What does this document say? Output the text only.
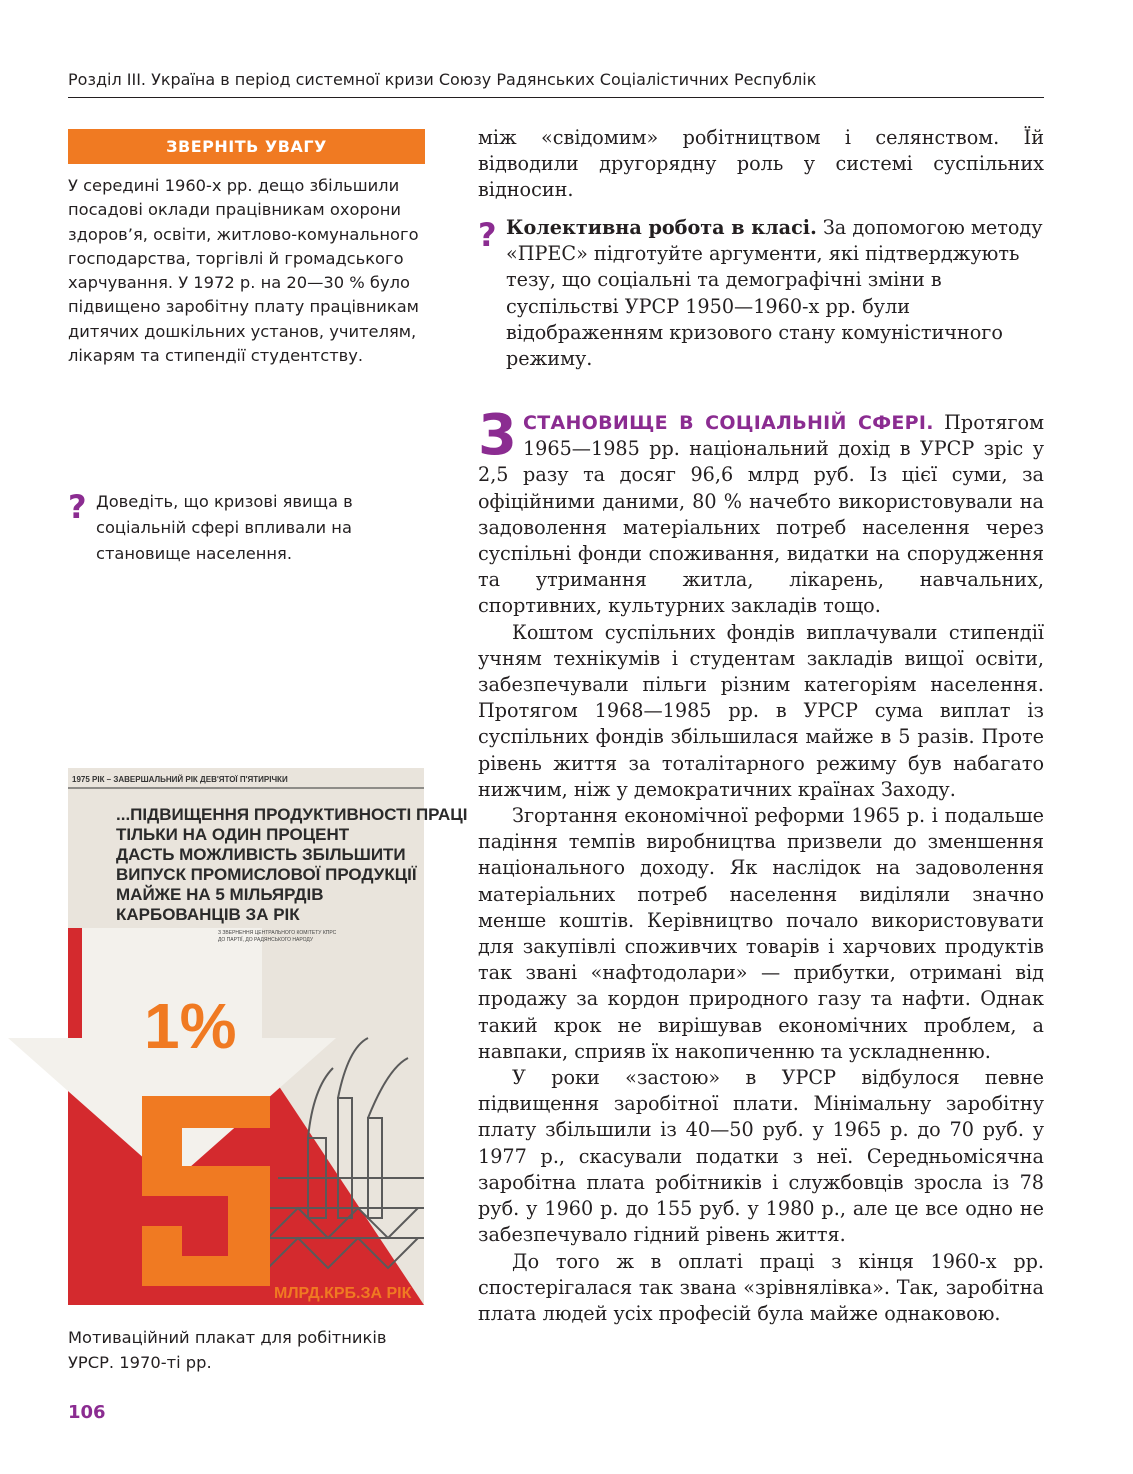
Розділ ІІІ. Україна в період системної кризи Союзу Радянських Соціалістичних Республік
ЗВЕРНІТЬ УВАГУ
У середині 1960-х рр. дещо збільшили посадові оклади працівникам охорони здоров’я, освіти, житлово-комунального господарства, торгівлі й громадського харчування. У 1972 р. на 20—30 % було підвищено заробітну плату працівникам дитячих дошкільних установ, учителям, лікарям та стипендії студентству.
? Доведіть, що кризові явища в соціальній сфері впливали на становище населення.
1975 РІК – ЗАВЕРШАЛЬНИЙ РІК ДЕВ'ЯТОЇ П'ЯТИРІЧКИ
...ПІДВИЩЕННЯ ПРОДУКТИВНОСТІ ПРАЦІ
ТІЛЬКИ НА ОДИН ПРОЦЕНТ
ДАСТЬ МОЖЛИВІСТЬ ЗБІЛЬШИТИ
ВИПУСК ПРОМИСЛОВОЇ ПРОДУКЦІЇ
МАЙЖЕ НА 5 МІЛЬЯРДІВ
КАРБОВАНЦІВ ЗА РІК
З ЗВЕРНЕННЯ ЦЕНТРАЛЬНОГО КОМІТЕТУ КПРС
ДО ПАРТІЇ, ДО РАДЯНСЬКОГО НАРОДУ
1%
МЛРД.КРБ.ЗА РІК
Мотиваційний плакат для робітників УРСР. 1970-ті рр.
106

між «свідомим» робітництвом і селянством. Їй відводили другорядну роль у системі суспільних відносин.

? Колективна робота в класі. За допомогою методу «ПРЕС» підготуйте аргументи, які підтверджують тезу, що соціальні та демографічні зміни в суспільстві УРСР 1950—1960-х рр. були відображенням кризового стану комуністичного режиму.

3 СТАНОВИЩЕ В СОЦІАЛЬНІЙ СФЕРІ. Протягом 1965—1985 рр. національний дохід в УРСР зріс у 2,5 разу та досяг 96,6 млрд руб. Із цієї суми, за офіційними даними, 80 % начебто використовували на задоволення матеріальних потреб населення через суспільні фонди споживання, видатки на спорудження та утримання житла, лікарень, навчальних, спортивних, культурних закладів тощо.

Коштом суспільних фондів виплачували стипендії учням технікумів і студентам закладів вищої освіти, забезпечували пільги різним категоріям населення. Протягом 1968—1985 рр. в УРСР сума виплат із суспільних фондів збільшилася майже в 5 разів. Проте рівень життя за тоталітарного режиму був набагато нижчим, ніж у демократичних країнах Заходу.

Згортання економічної реформи 1965 р. і подальше падіння темпів виробництва призвели до зменшення національного доходу. Як наслідок на задоволення матеріальних потреб населення виділяли значно менше коштів. Керівництво почало використовувати для закупівлі споживчих товарів і харчових продуктів так звані «нафтодолари» — прибутки, отримані від продажу за кордон природного газу та нафти. Однак такий крок не вирішував економічних проблем, а навпаки, сприяв їх накопиченню та ускладненню.

У роки «застою» в УРСР відбулося певне підвищення заробітної плати. Мінімальну заробітну плату збільшили із 40—50 руб. у 1965 р. до 70 руб. у 1977 р., скасували податки з неї. Середньомісячна заробітна плата робітників і службовців зросла із 78 руб. у 1960 р. до 155 руб. у 1980 р., але це все одно не забезпечувало гідний рівень життя.

До того ж в оплаті праці з кінця 1960-х рр. спостерігалася так звана «зрівнялівка». Так, заробітна плата людей усіх професій була майже однаковою.
